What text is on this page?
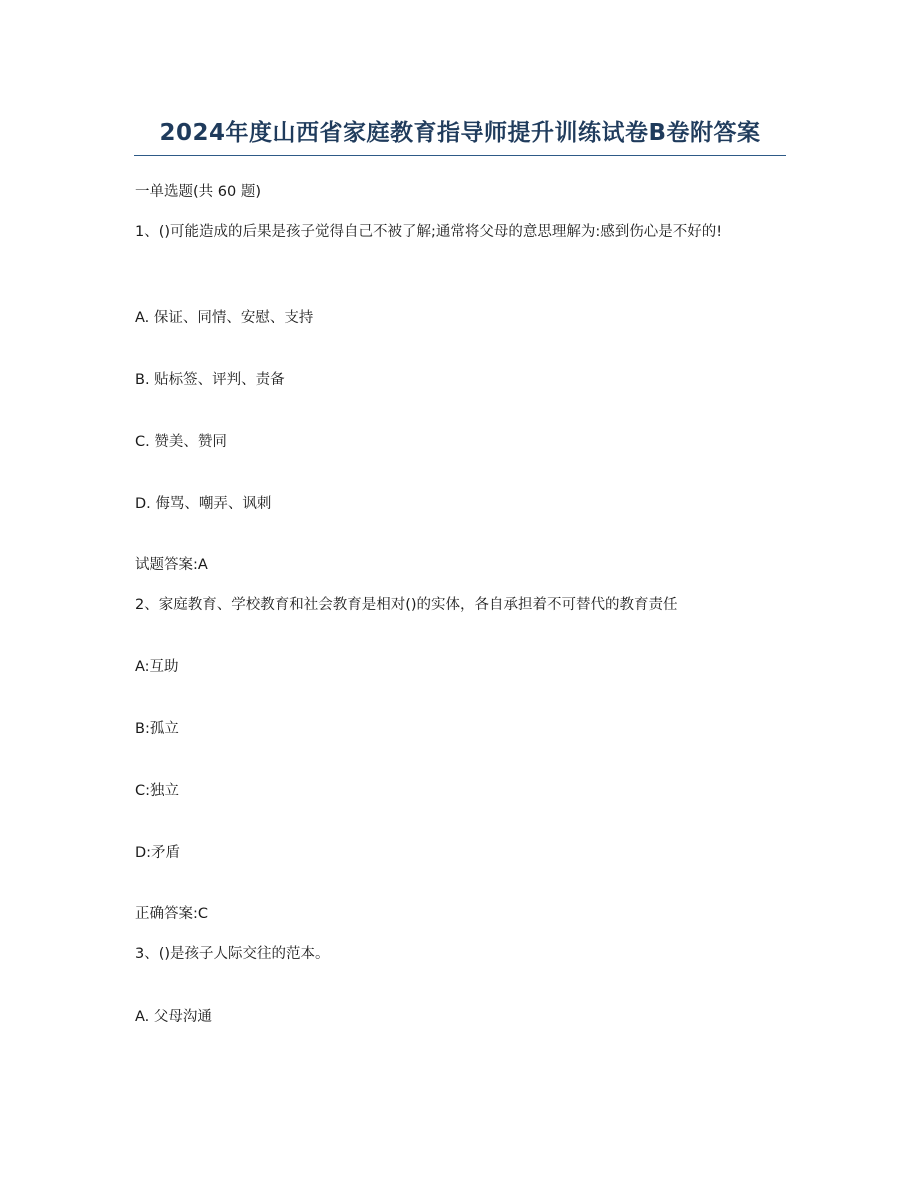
2024年度山西省家庭教育指导师提升训练试卷B卷附答案
一单选题(共 60 题)
1、()可能造成的后果是孩子觉得自己不被了解;通常将父母的意思理解为:感到伤心是不好的!
A. 保证、同情、安慰、支持
B. 贴标签、评判、责备
C. 赞美、赞同
D. 侮骂、嘲弄、讽刺
试题答案:A
2、家庭教育、学校教育和社会教育是相对()的实体，各自承担着不可替代的教育责任
A:互助
B:孤立
C:独立
D:矛盾
正确答案:C
3、()是孩子人际交往的范本。
A. 父母沟通
